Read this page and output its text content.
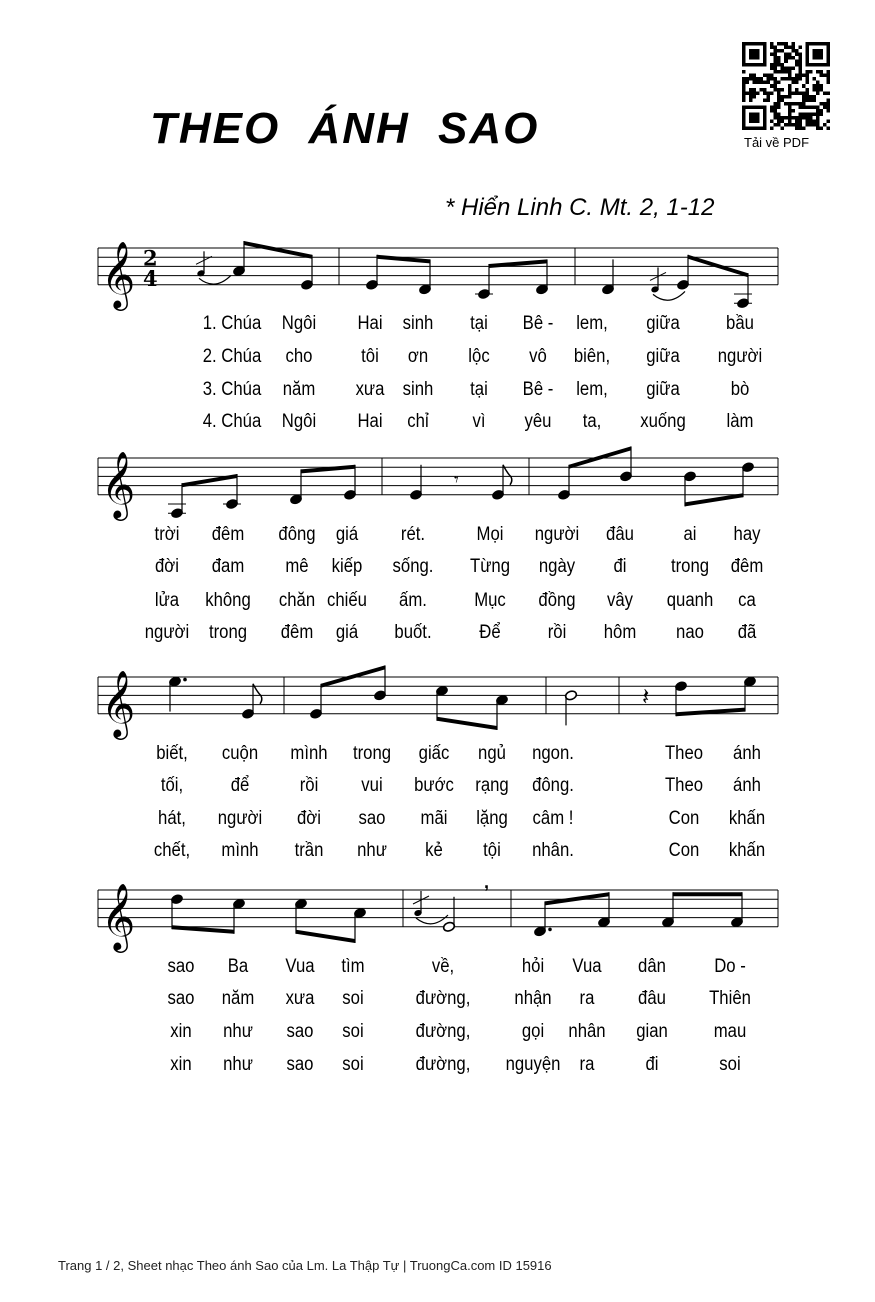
THEO ÁNH SAO	Tải về PDF
* Hiển Linh C. Mt. 2, 1-12
𝄞 2
4
𝄞	𝄾
𝄞	𝄽
𝄞	,
1. Chúa Ngôi Hai sinh tại Bê - lem, giữa bầu
2. Chúa cho	tôi ơn lộc vô biên, giữa người
3. Chúa năm xưa sinh tại Bê - lem, giữa	bò
4. Chúa Ngôi Hai chỉ vì yêu ta, xuống làm
trời đêm đông giá rét.	Mọi người đâu	ai hay
đời đam mê kiếp sống. Từng ngày đi trong đêm
lửa không chăn chiếu ấm. Mục đồng vây quanh ca
người trong đêm giá buốt.	Để rồi hôm nao đã
biết, cuộn mình trong giấc ngủ ngon.	Theo ánh
tối,	để	rồi vui bước rạng đông.	Theo ánh
hát, người đời sao mãi lặng câm !	Con khấn
chết, mình trần như kẻ tội nhân.	Con khấn
sao Ba Vua tìm	về,	hỏi Vua dân	Do -
sao năm xưa soi	đường, nhận ra đâu Thiên
xin như sao soi	đường,	gọi nhân gian mau
xin như sao soi	đường, nguyện ra	đi	soi
Trang 1 / 2, Sheet nhạc Theo ánh Sao của Lm. La Thập Tự | TruongCa.com ID 15916
